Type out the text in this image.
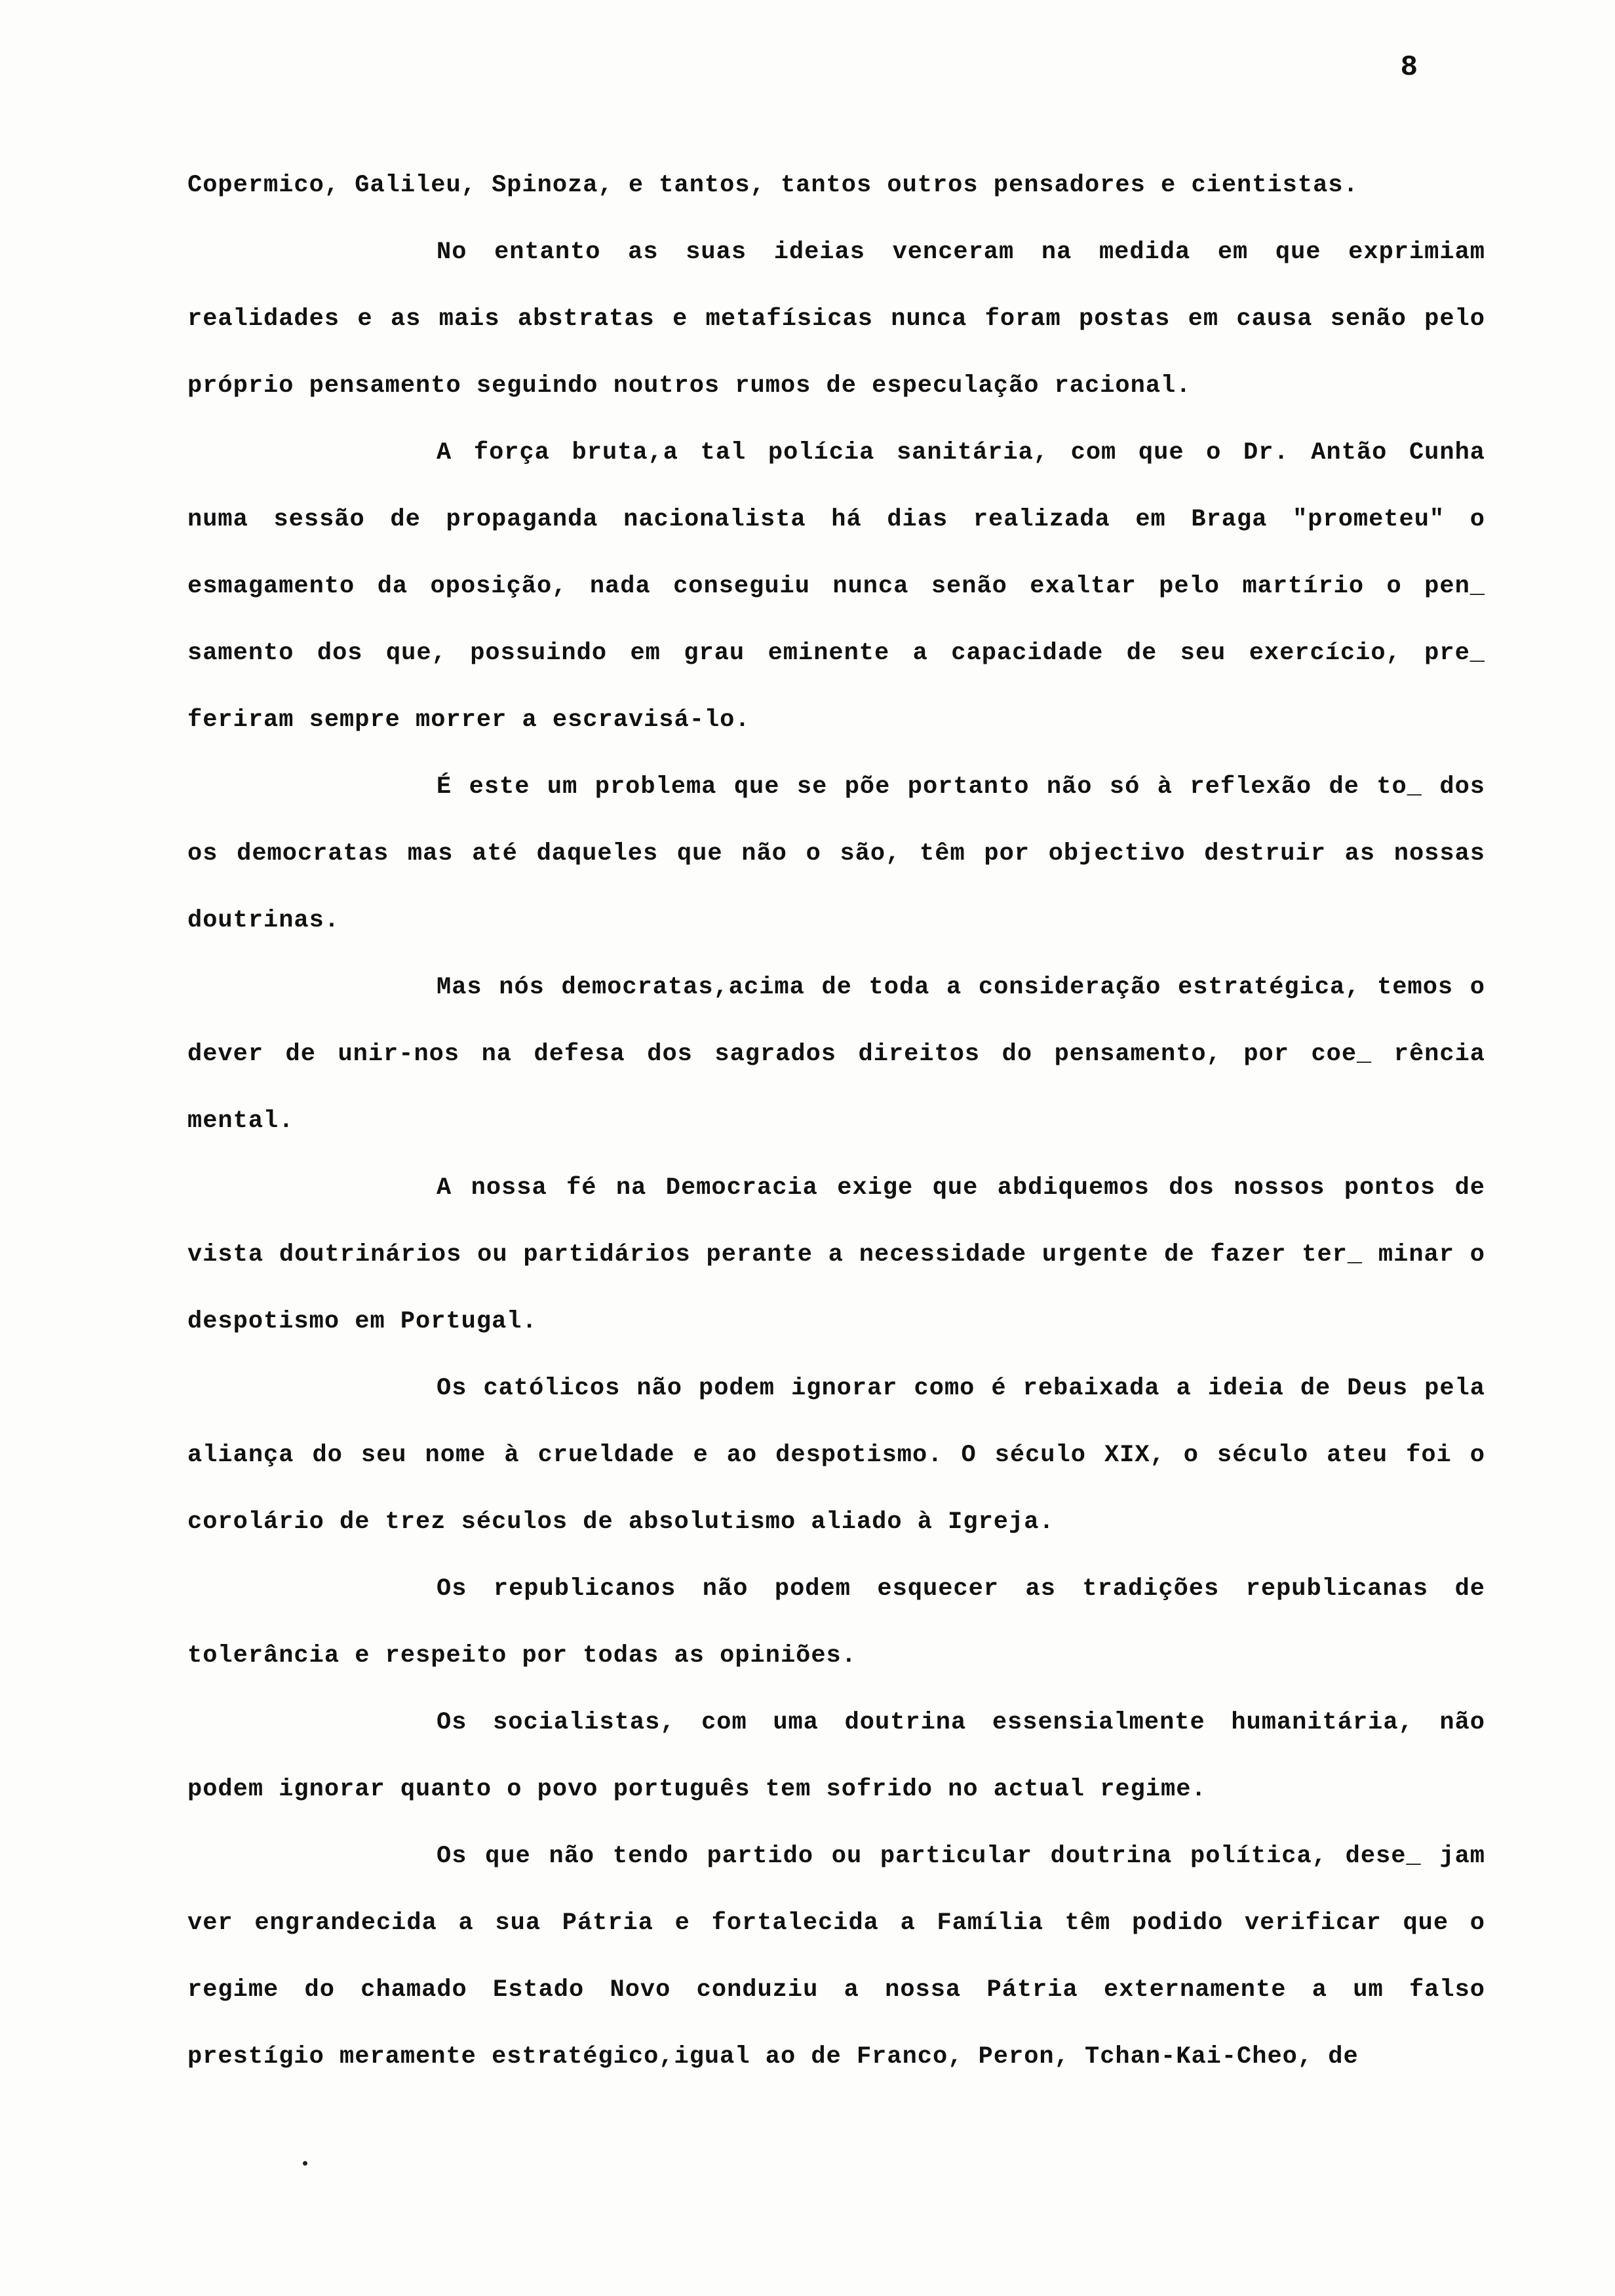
8

Copermico, Galileu, Spinoza, e tantos, tantos outros pensadores e cientistas.

No entanto as suas ideias venceram na medida em que exprimiam realidades e as mais abstratas e metafísicas nunca foram postas em causa senão pelo próprio pensamento seguindo noutros rumos de especulação racional.

A força bruta,a tal polícia sanitária, com que o Dr. Antão Cunha numa sessão de propaganda nacionalista há dias realizada em Braga "prometeu" o esmagamento da oposição, nada conseguiu nunca senão exaltar pelo martírio o pen_ samento dos que, possuindo em grau eminente a capacidade de seu exercício, pre_ feriram sempre morrer a escravisá-lo.

É este um problema que se põe portanto não só à reflexão de to_ dos os democratas mas até daqueles que não o são, têm por objectivo destruir as nossas doutrinas.

Mas nós democratas,acima de toda a consideração estratégica, temos o dever de unir-nos na defesa dos sagrados direitos do pensamento, por coe_ rência mental.

A nossa fé na Democracia exige que abdiquemos dos nossos pontos de vista doutrinários ou partidários perante a necessidade urgente de fazer ter_ minar o despotismo em Portugal.

Os católicos não podem ignorar como é rebaixada a ideia de Deus pela aliança do seu nome à crueldade e ao despotismo. O século XIX, o século ateu foi o corolário de trez séculos de absolutismo aliado à Igreja.

Os republicanos não podem esquecer as tradições republicanas de tolerância e respeito por todas as opiniões.

Os socialistas, com uma doutrina essensialmente humanitária, não podem ignorar quanto o povo português tem sofrido no actual regime.

Os que não tendo partido ou particular doutrina política, dese_ jam ver engrandecida a sua Pátria e fortalecida a Família têm podido verificar que o regime do chamado Estado Novo conduziu a nossa Pátria externamente a um falso prestígio meramente estratégico,igual ao de Franco, Peron, Tchan-Kai-Cheo, de
